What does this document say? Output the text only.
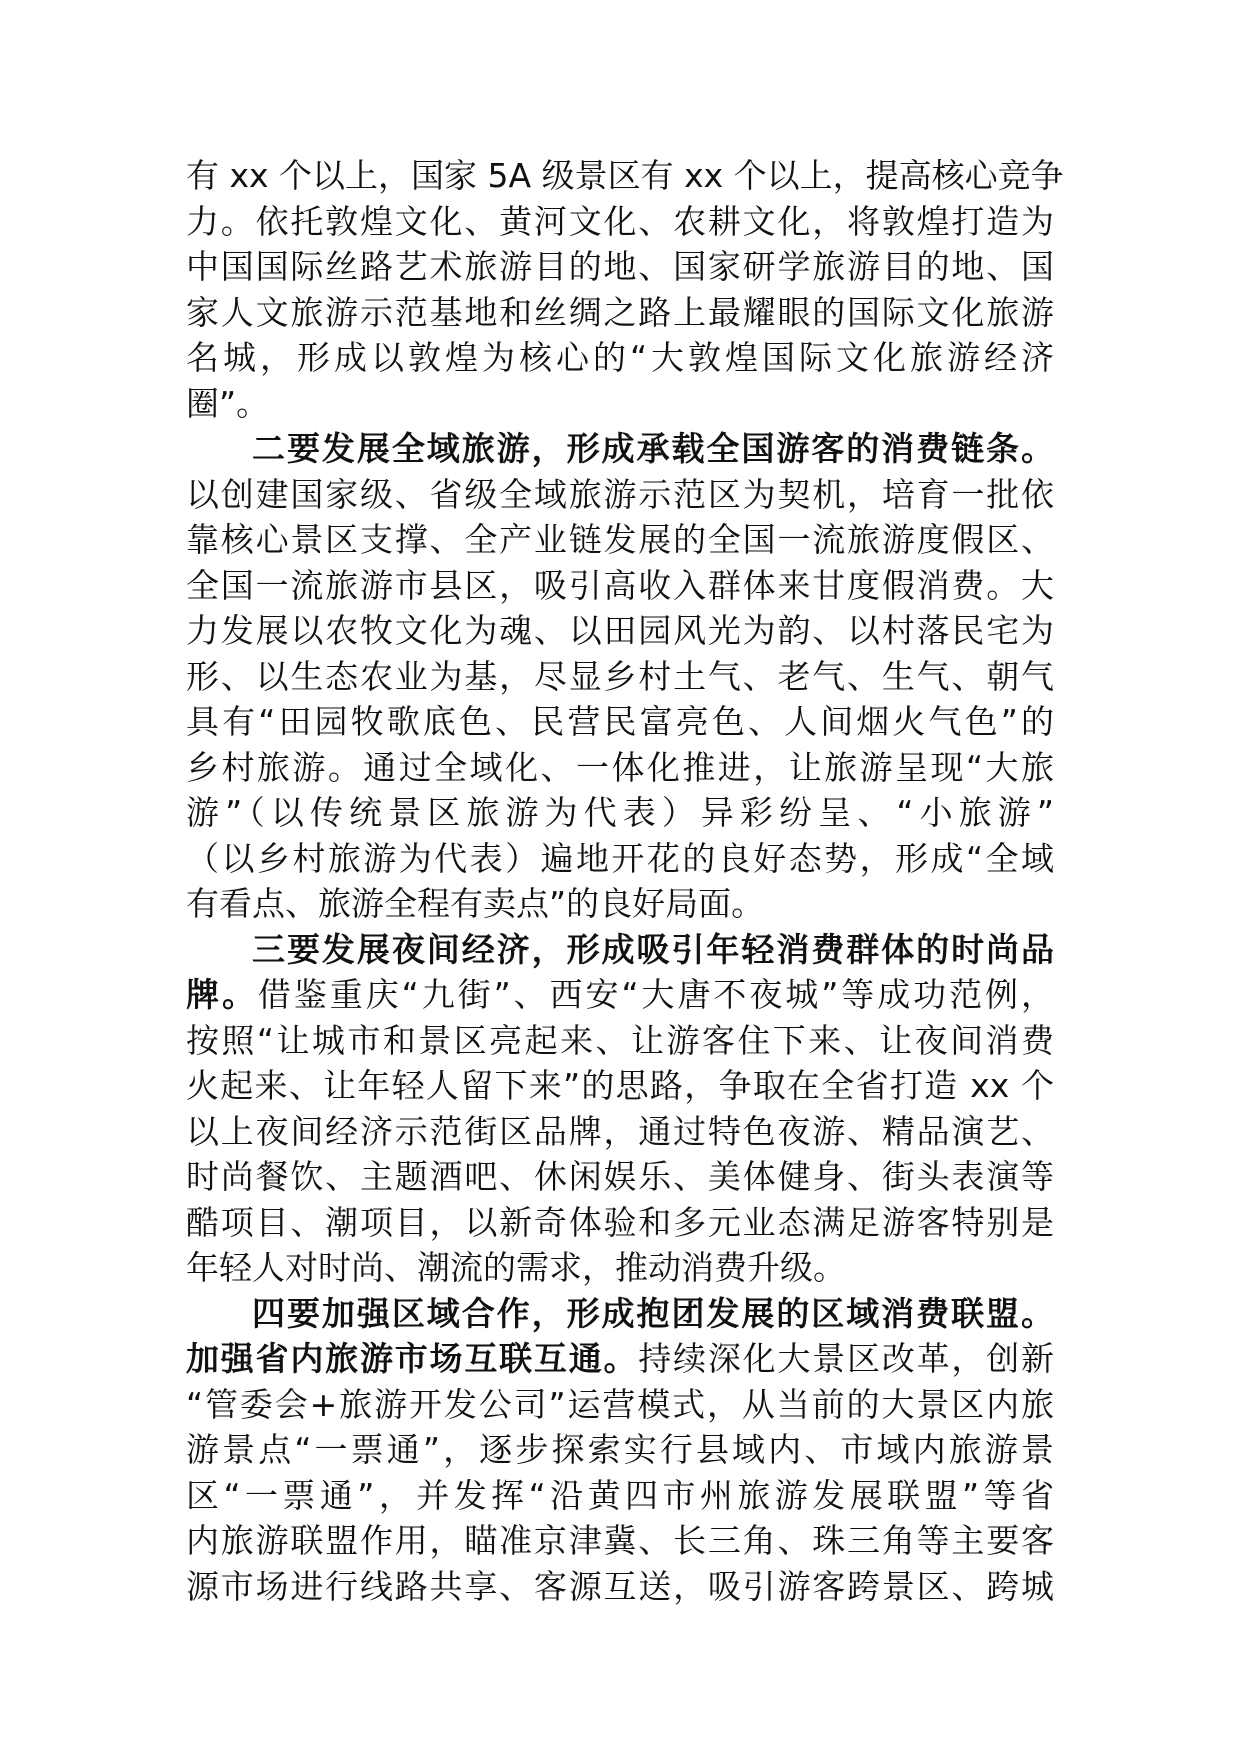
有 xx 个以上，国家 5A 级景区有 xx 个以上，提高核心竞争
力。依托敦煌文化、黄河文化、农耕文化，将敦煌打造为
中国国际丝路艺术旅游目的地、国家研学旅游目的地、国
家人文旅游示范基地和丝绸之路上最耀眼的国际文化旅游
名城，形成以敦煌为核心的“大敦煌国际文化旅游经济
圈”。
二要发展全域旅游，形成承载全国游客的消费链条。
以创建国家级、省级全域旅游示范区为契机，培育一批依
靠核心景区支撑、全产业链发展的全国一流旅游度假区、
全国一流旅游市县区，吸引高收入群体来甘度假消费。大
力发展以农牧文化为魂、以田园风光为韵、以村落民宅为
形、以生态农业为基，尽显乡村土气、老气、生气、朝气
具有“田园牧歌底色、民营民富亮色、人间烟火气色”的
乡村旅游。通过全域化、一体化推进，让旅游呈现“大旅
游”（以传统景区旅游为代表）异彩纷呈、“小旅游”
（以乡村旅游为代表）遍地开花的良好态势，形成“全域
有看点、旅游全程有卖点”的良好局面。
三要发展夜间经济，形成吸引年轻消费群体的时尚品
牌。借鉴重庆“九街”、西安“大唐不夜城”等成功范例，
按照“让城市和景区亮起来、让游客住下来、让夜间消费
火起来、让年轻人留下来”的思路，争取在全省打造 xx 个
以上夜间经济示范街区品牌，通过特色夜游、精品演艺、
时尚餐饮、主题酒吧、休闲娱乐、美体健身、街头表演等
酷项目、潮项目，以新奇体验和多元业态满足游客特别是
年轻人对时尚、潮流的需求，推动消费升级。
四要加强区域合作，形成抱团发展的区域消费联盟。
加强省内旅游市场互联互通。持续深化大景区改革，创新
“管委会+旅游开发公司”运营模式，从当前的大景区内旅
游景点“一票通”，逐步探索实行县域内、市域内旅游景
区“一票通”，并发挥“沿黄四市州旅游发展联盟”等省
内旅游联盟作用，瞄准京津冀、长三角、珠三角等主要客
源市场进行线路共享、客源互送，吸引游客跨景区、跨城
